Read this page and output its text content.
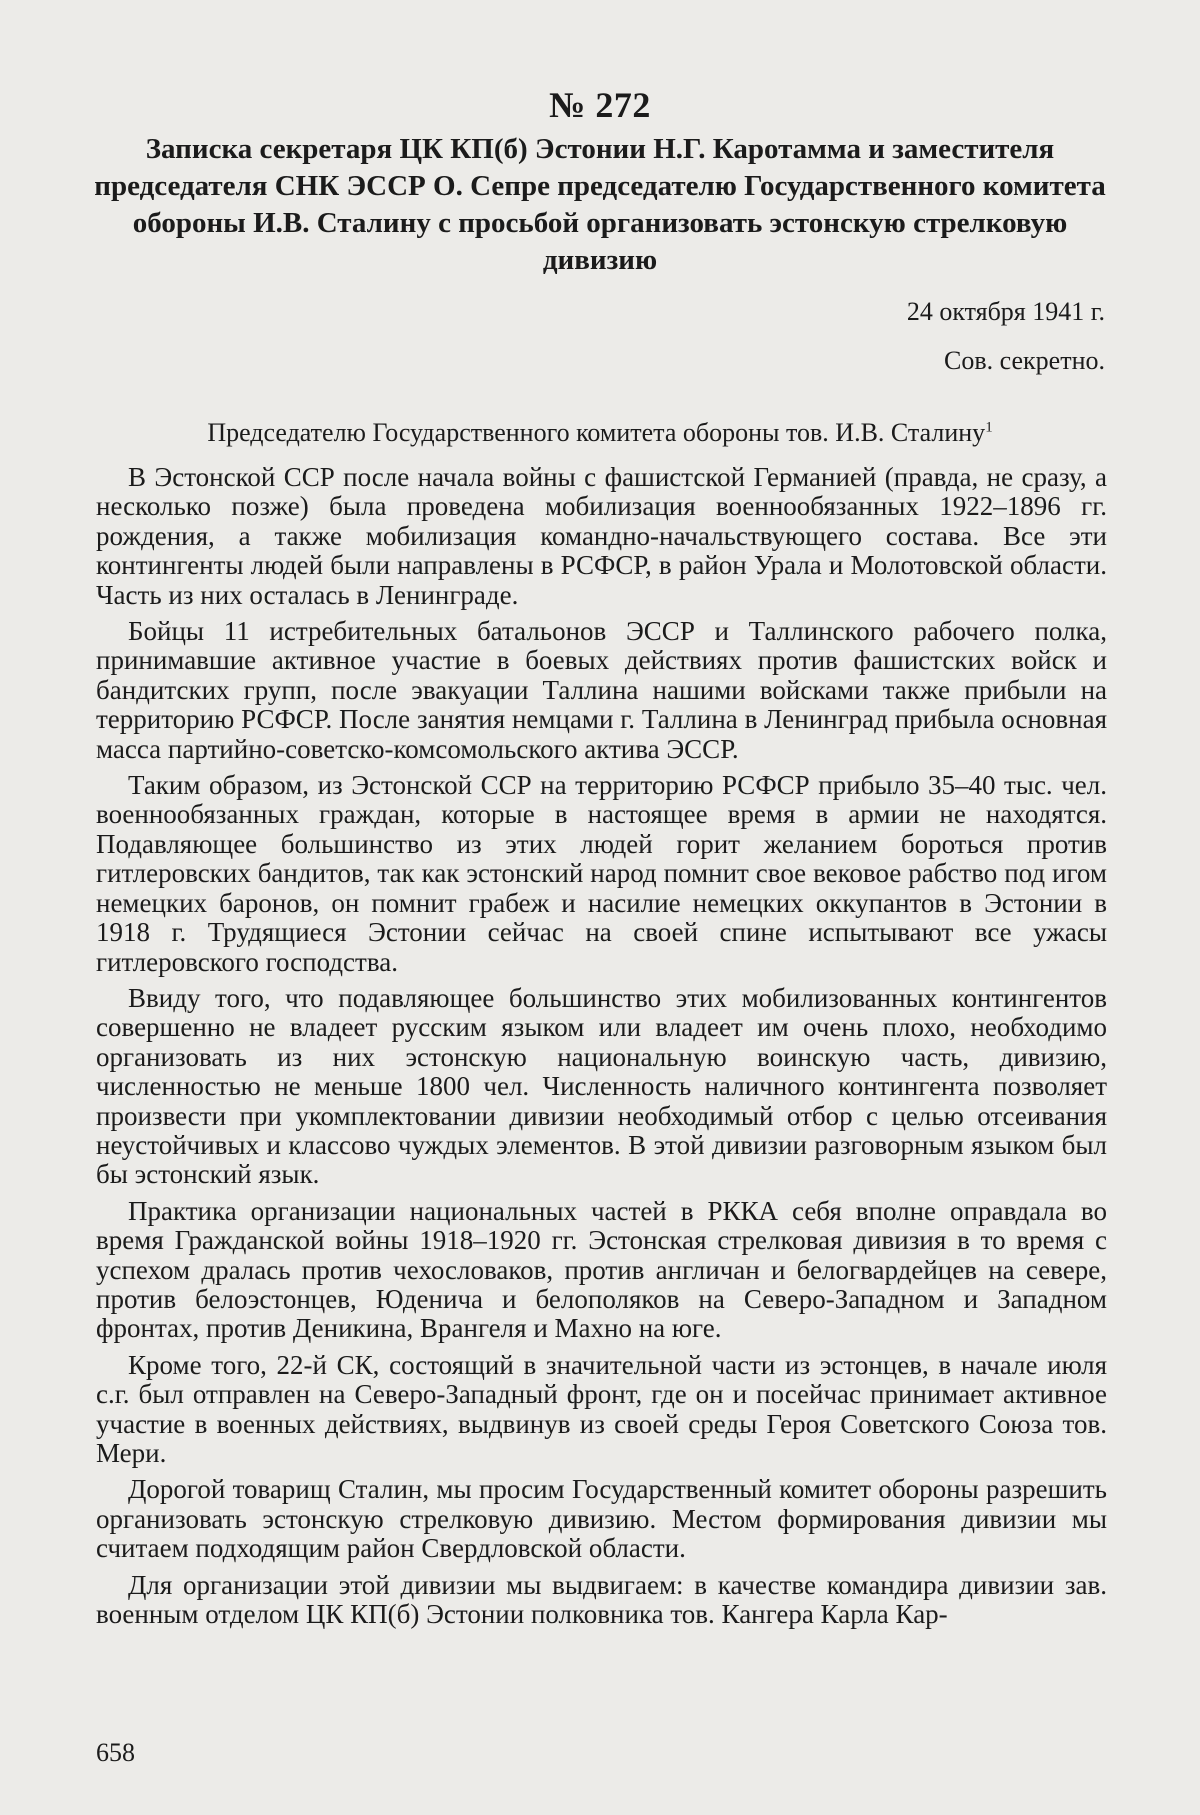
№ 272
Записка секретаря ЦК КП(б) Эстонии Н.Г. Каротамма и заместителя председателя СНК ЭССР О. Сепре председателю Государственного комитета обороны И.В. Сталину с просьбой организовать эстонскую стрелковую дивизию
24 октября 1941 г.
Сов. секретно.
Председателю Государственного комитета обороны тов. И.В. Сталину$^1$

В Эстонской ССР после начала войны с фашистской Германией (правда, не сразу, а несколько позже) была проведена мобилизация военнообязанных 1922–1896 гг. рождения, а также мобилизация командно-начальствующего состава. Все эти контингенты людей были направлены в РСФСР, в район Урала и Молотовской области. Часть из них осталась в Ленинграде.

Бойцы 11 истребительных батальонов ЭССР и Таллинского рабочего полка, принимавшие активное участие в боевых действиях против фашистских войск и бандитских групп, после эвакуации Таллина нашими войсками также прибыли на территорию РСФСР. После занятия немцами г. Таллина в Ленинград прибыла основная масса партийно-советско-комсомольского актива ЭССР.

Таким образом, из Эстонской ССР на территорию РСФСР прибыло 35–40 тыс. чел. военнообязанных граждан, которые в настоящее время в армии не находятся. Подавляющее большинство из этих людей горит желанием бороться против гитлеровских бандитов, так как эстонский народ помнит свое вековое рабство под игом немецких баронов, он помнит грабеж и насилие немецких оккупантов в Эстонии в 1918 г. Трудящиеся Эстонии сейчас на своей спине испытывают все ужасы гитлеровского господства.

Ввиду того, что подавляющее большинство этих мобилизованных контингентов совершенно не владеет русским языком или владеет им очень плохо, необходимо организовать из них эстонскую национальную воинскую часть, дивизию, численностью не меньше 1800 чел. Численность наличного контингента позволяет произвести при укомплектовании дивизии необходимый отбор с целью отсеивания неустойчивых и классово чуждых элементов. В этой дивизии разговорным языком был бы эстонский язык.

Практика организации национальных частей в РККА себя вполне оправдала во время Гражданской войны 1918–1920 гг. Эстонская стрелковая дивизия в то время с успехом дралась против чехословаков, против англичан и белогвардейцев на севере, против белоэстонцев, Юденича и белополяков на Северо-Западном и Западном фронтах, против Деникина, Врангеля и Махно на юге.

Кроме того, 22-й СК, состоящий в значительной части из эстонцев, в начале июля с.г. был отправлен на Северо-Западный фронт, где он и посейчас принимает активное участие в военных действиях, выдвинув из своей среды Героя Советского Союза тов. Мери.

Дорогой товарищ Сталин, мы просим Государственный комитет обороны разрешить организовать эстонскую стрелковую дивизию. Местом формирования дивизии мы считаем подходящим район Свердловской области.

Для организации этой дивизии мы выдвигаем: в качестве командира дивизии зав. военным отделом ЦК КП(б) Эстонии полковника тов. Кангера Карла Кар-

658
